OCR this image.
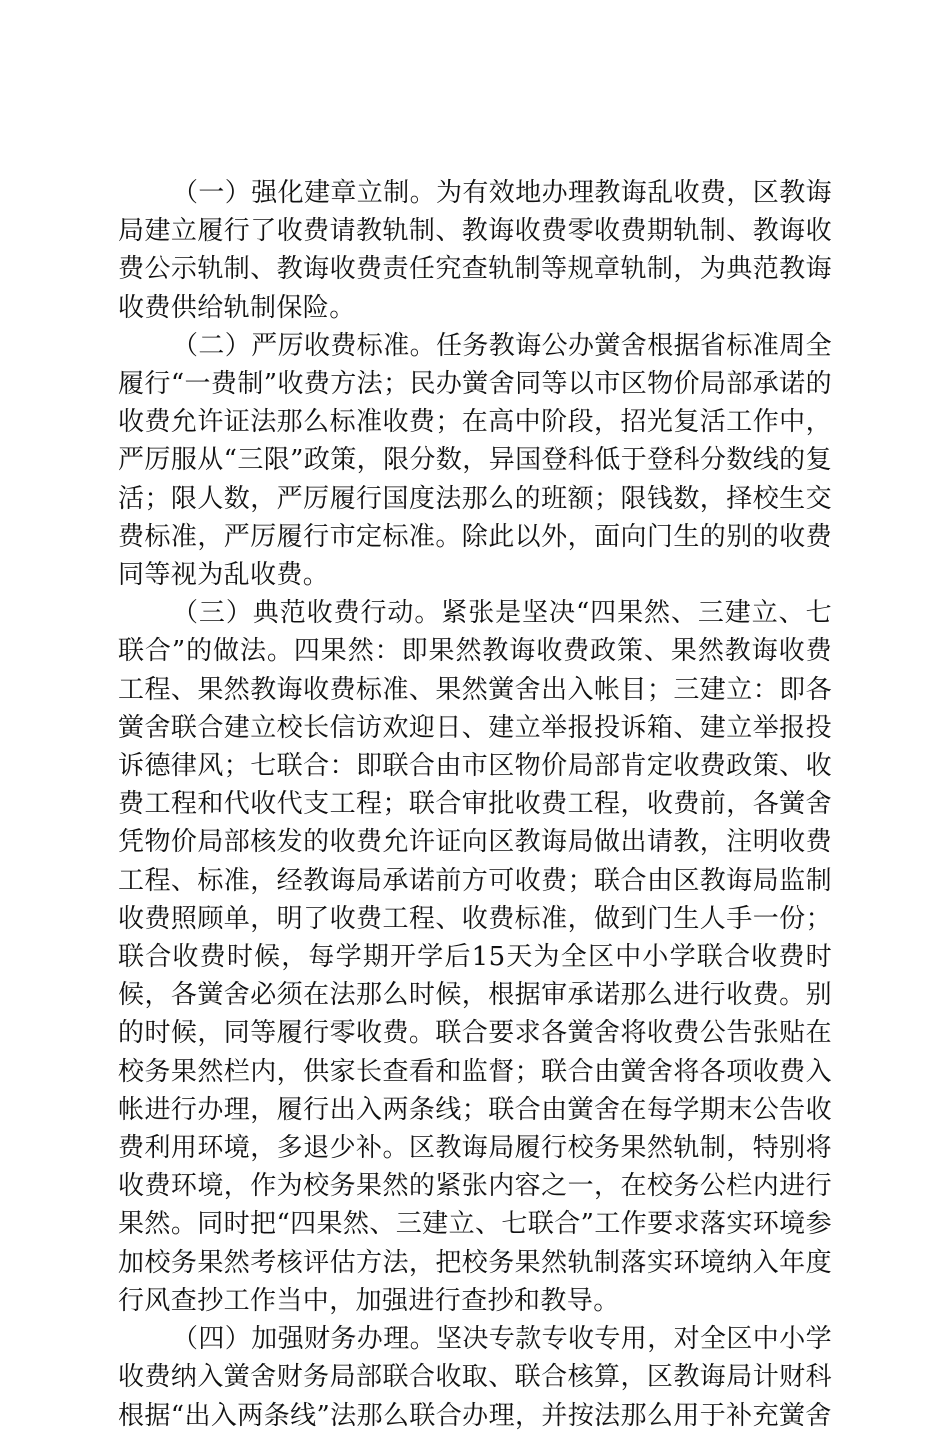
（一）强化建章立制。为有效地办理教诲乱收费，区教诲局建立履行了收费请教轨制、教诲收费零收费期轨制、教诲收费公示轨制、教诲收费责任究查轨制等规章轨制，为典范教诲收费供给轨制保险。

（二）严厉收费标准。任务教诲公办黉舍根据省标准周全履行“一费制”收费方法；民办黉舍同等以市区物价局部承诺的收费允许证法那么标准收费；在高中阶段，招光复活工作中，严厉服从“三限”政策，限分数，异国登科低于登科分数线的复活；限人数，严厉履行国度法那么的班额；限钱数，择校生交费标准，严厉履行市定标准。除此以外，面向门生的别的收费同等视为乱收费。

（三）典范收费行动。紧张是坚决“四果然、三建立、七联合”的做法。四果然：即果然教诲收费政策、果然教诲收费工程、果然教诲收费标准、果然黉舍出入帐目；三建立：即各黉舍联合建立校长信访欢迎日、建立举报投诉箱、建立举报投诉德律风；七联合：即联合由市区物价局部肯定收费政策、收费工程和代收代支工程；联合审批收费工程，收费前，各黉舍凭物价局部核发的收费允许证向区教诲局做出请教，注明收费工程、标准，经教诲局承诺前方可收费；联合由区教诲局监制收费照顾单，明了收费工程、收费标准，做到门生人手一份；联合收费时候，每学期开学后15天为全区中小学联合收费时候，各黉舍必须在法那么时候，根据审承诺那么进行收费。别的时候，同等履行零收费。联合要求各黉舍将收费公告张贴在校务果然栏内，供家长查看和监督；联合由黉舍将各项收费入帐进行办理，履行出入两条线；联合由黉舍在每学期末公告收费利用环境，多退少补。区教诲局履行校务果然轨制，特别将收费环境，作为校务果然的紧张内容之一，在校务公栏内进行果然。同时把“四果然、三建立、七联合”工作要求落实环境参加校务果然考核评估方法，把校务果然轨制落实环境纳入年度行风查抄工作当中，加强进行查抄和教导。

（四）加强财务办理。坚决专款专收专用，对全区中小学收费纳入黉舍财务局部联合收取、联合核算，区教诲局计财科根据“出入两条线”法那么联合办理，并按法那么用于补充黉舍
